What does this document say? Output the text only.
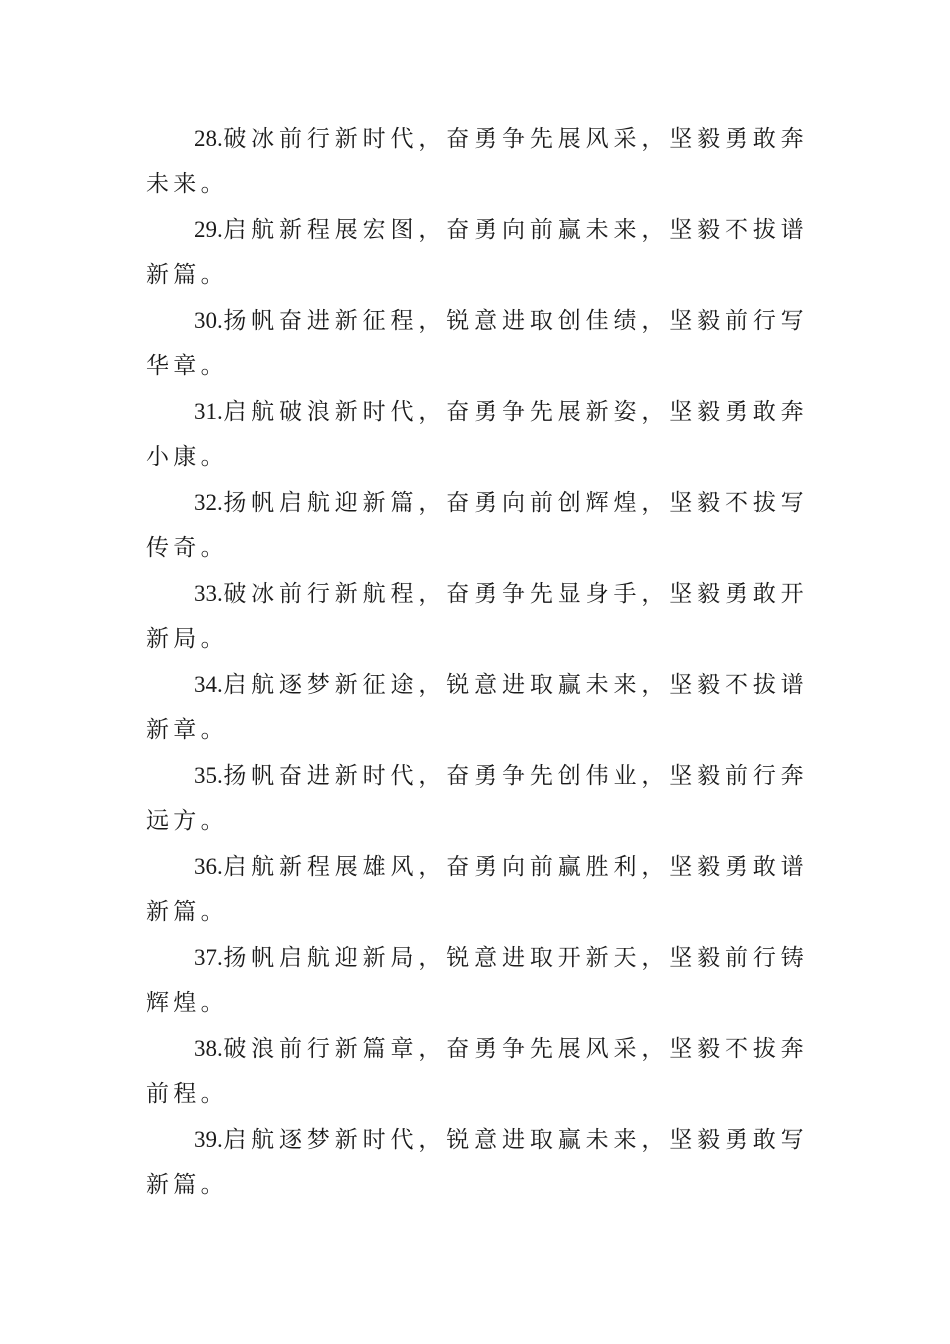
28.破冰前行新时代，奋勇争先展风采，坚毅勇敢奔未来。

29.启航新程展宏图，奋勇向前赢未来，坚毅不拔谱新篇。

30.扬帆奋进新征程，锐意进取创佳绩，坚毅前行写华章。

31.启航破浪新时代，奋勇争先展新姿，坚毅勇敢奔小康。

32.扬帆启航迎新篇，奋勇向前创辉煌，坚毅不拔写传奇。

33.破冰前行新航程，奋勇争先显身手，坚毅勇敢开新局。

34.启航逐梦新征途，锐意进取赢未来，坚毅不拔谱新章。

35.扬帆奋进新时代，奋勇争先创伟业，坚毅前行奔远方。

36.启航新程展雄风，奋勇向前赢胜利，坚毅勇敢谱新篇。

37.扬帆启航迎新局，锐意进取开新天，坚毅前行铸辉煌。

38.破浪前行新篇章，奋勇争先展风采，坚毅不拔奔前程。

39.启航逐梦新时代，锐意进取赢未来，坚毅勇敢写新篇。
